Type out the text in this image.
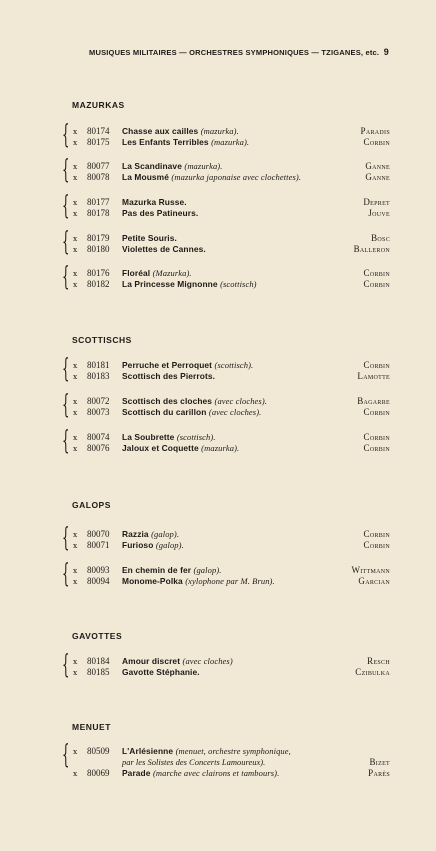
MUSIQUES MILITAIRES — ORCHESTRES SYMPHONIQUES — TZIGANES, etc. 9
MAZURKAS
{ x	80174	Chasse aux cailles (mazurka).	Paradis
x	80175	Les Enfants Terribles (mazurka).	Corbin
{ x	80077	La Scandinave (mazurka).	Ganne
x	80078	La Mousmé (mazurka japonaise avec clochettes).	Ganne
{ x	80177	Mazurka Russe.	Depret
x	80178	Pas des Patineurs.	Jouve
{ x	80179	Petite Souris.	Bosc
x	80180	Violettes de Cannes.	Balleron
{ x	80176	Floréal (Mazurka).	Corbin
x	80182	La Princesse Mignonne (scottisch)	Corbin
SCOTTISCHS
{ x	80181	Perruche et Perroquet (scottisch).	Corbin
x	80183	Scottisch des Pierrots.	Lamotte
{ x	80072	Scottisch des cloches (avec cloches).	Bagarre
x	80073	Scottisch du carillon (avec cloches).	Corbin
{ x	80074	La Soubrette (scottisch).	Corbin
x	80076	Jaloux et Coquette (mazurka).	Corbin
GALOPS
{ x	80070	Razzia (galop).	Corbin
x	80071	Furioso (galop).	Corbin
{ x	80093	En chemin de fer (galop).	Wittmann
x	80094	Monome-Polka (xylophone par M. Brun).	Garcian
GAVOTTES
{ x	80184	Amour discret (avec cloches)	Resch
x	80185	Gavotte Stéphanie.	Czibulka
MENUET
{ x	80509	L'Arlésienne (menuet, orchestre symphonique,
par les Solistes des Concerts Lamoureux).	Bizet
x	80069	Parade (marche avec clairons et tambours).	Parès
